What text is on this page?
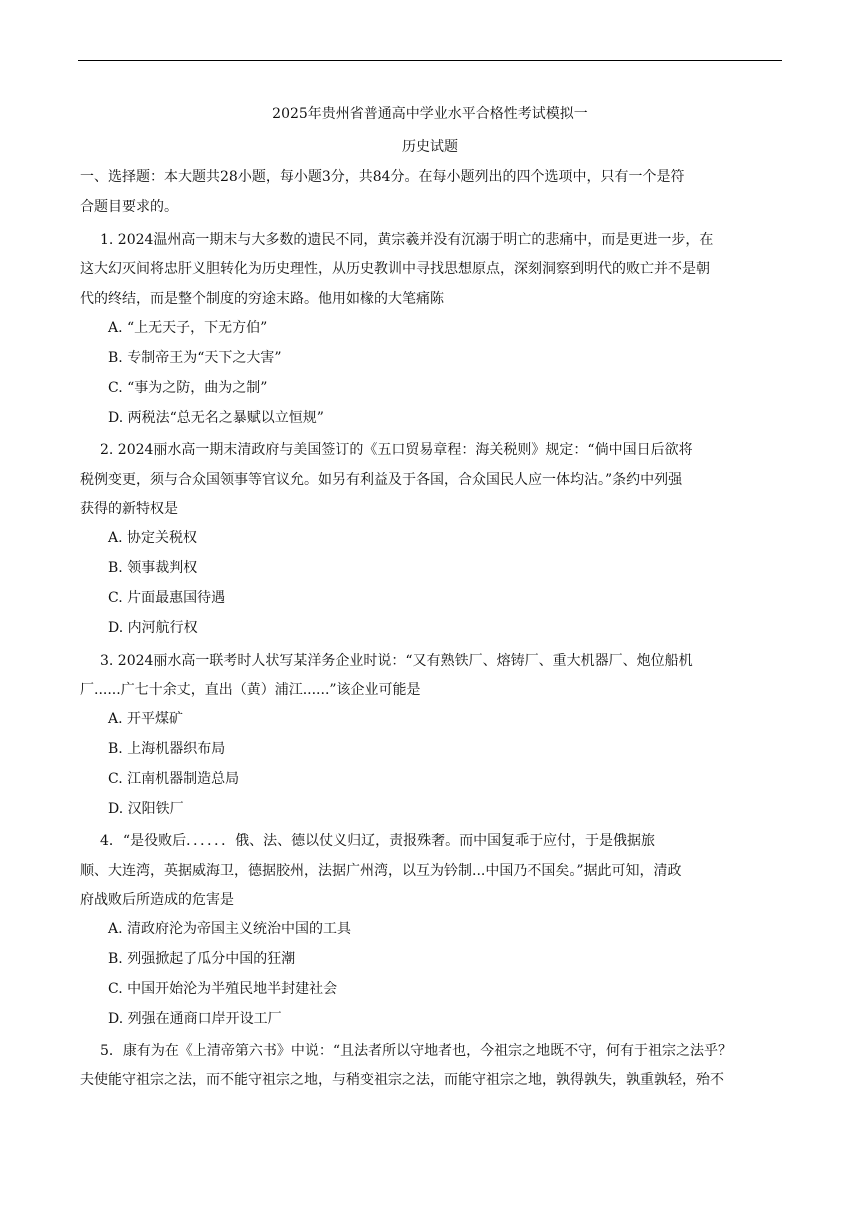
2025年贵州省普通高中学业水平合格性考试模拟一
历史试题
一、选择题：本大题共28小题，每小题3分，共84分。在每小题列出的四个选项中，只有一个是符
合题目要求的。
1. 2024温州高一期末与大多数的遗民不同，黄宗羲并没有沉溺于明亡的悲痛中，而是更进一步，在
这大幻灭间将忠肝义胆转化为历史理性，从历史教训中寻找思想原点，深刻洞察到明代的败亡并不是朝
代的终结，而是整个制度的穷途末路。他用如椽的大笔痛陈
A. “上无天子，下无方伯”
B. 专制帝王为“天下之大害”
C. “事为之防，曲为之制”
D. 两税法“总无名之暴赋以立恒规”
2. 2024丽水高一期末清政府与美国签订的《五口贸易章程：海关税则》规定：“倘中国日后欲将
税例变更，须与合众国领事等官议允。如另有利益及于各国，合众国民人应一体均沾。”条约中列强
获得的新特权是
A. 协定关税权
B. 领事裁判权
C. 片面最惠国待遇
D. 内河航行权
3. 2024丽水高一联考时人状写某洋务企业时说：“又有熟铁厂、熔铸厂、重大机器厂、炮位船机
厂......广七十余丈，直出（黄）浦江......”该企业可能是
A. 开平煤矿
B. 上海机器织布局
C. 江南机器制造总局
D. 汉阳铁厂
4．“是役败后．．．．．．俄、法、德以仗义归辽，责报殊奢。而中国复乖于应付，于是俄据旅
顺、大连湾，英据威海卫，德据胶州，法据广州湾，以互为钤制...中国乃不国矣。”据此可知，清政
府战败后所造成的危害是
A. 清政府沦为帝国主义统治中国的工具
B. 列强掀起了瓜分中国的狂潮
C. 中国开始沦为半殖民地半封建社会
D. 列强在通商口岸开设工厂
5．康有为在《上清帝第六书》中说：“且法者所以守地者也，今祖宗之地既不守，何有于祖宗之法乎？
夫使能守祖宗之法，而不能守祖宗之地，与稍变祖宗之法，而能守祖宗之地，孰得孰失，孰重孰轻，殆不
